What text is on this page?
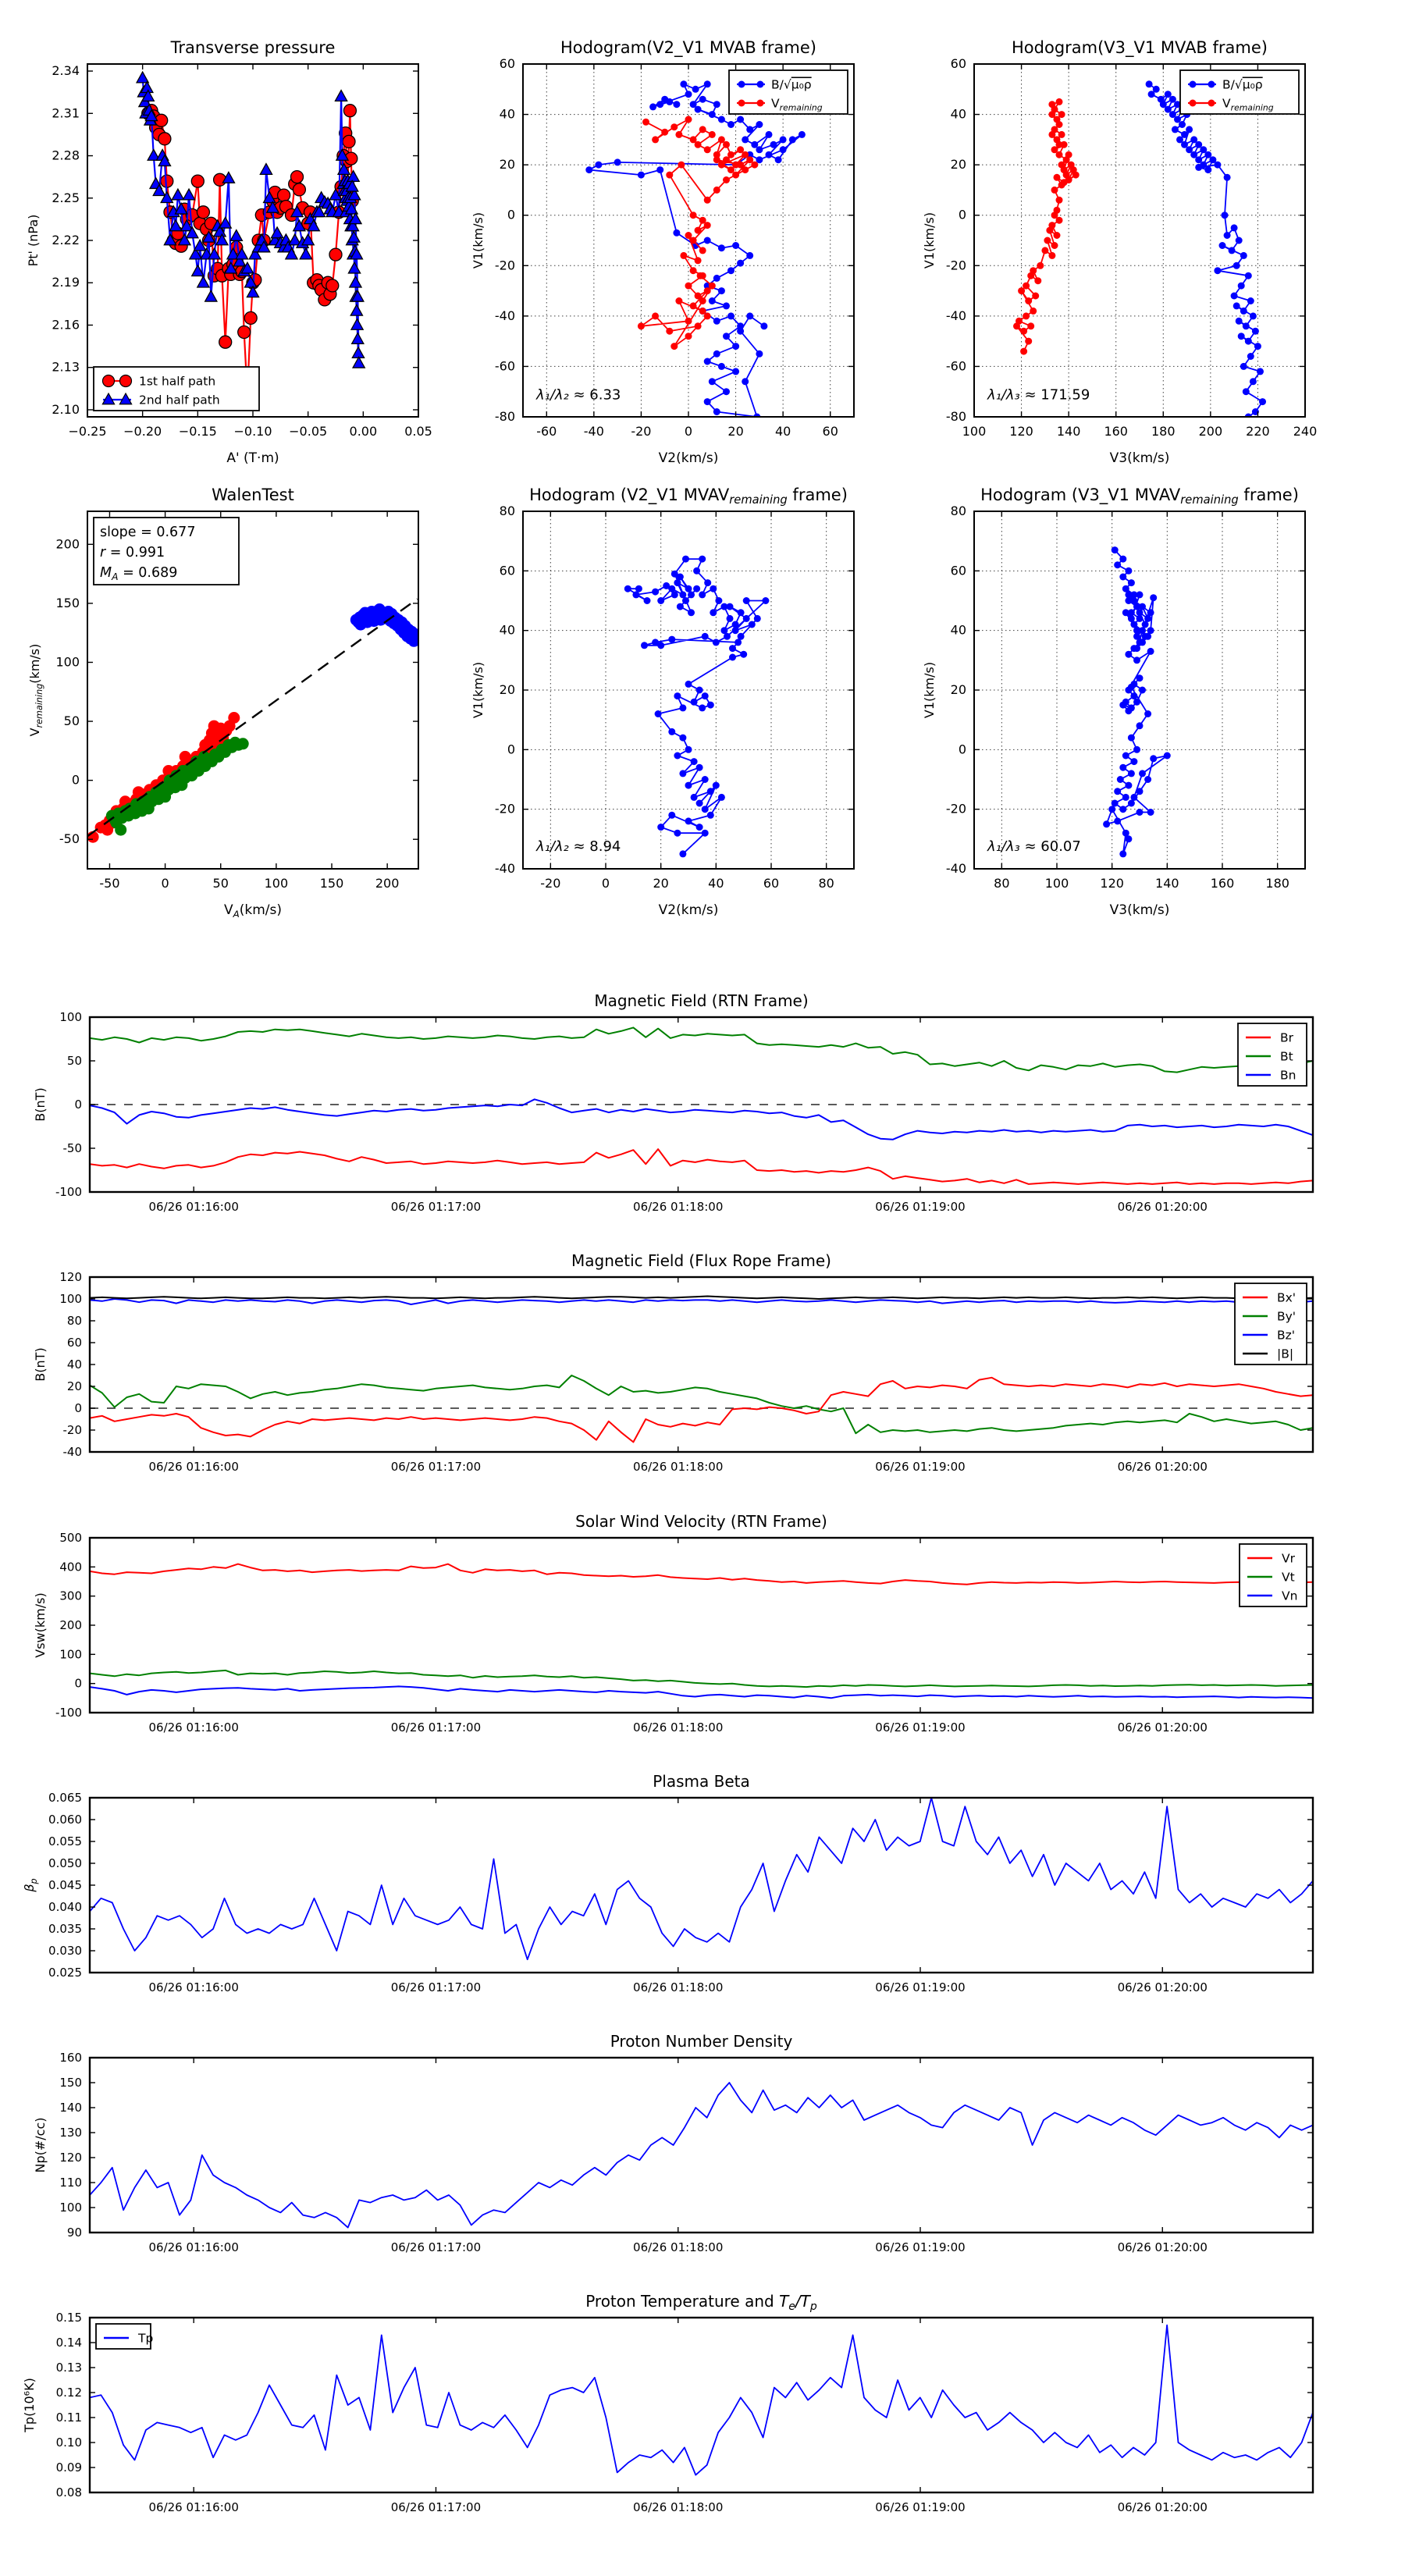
−0.25 −0.20 −0.15 −0.10 −0.05 0.00 0.05
2.10
2.13
2.16
2.19
2.22
2.25
2.28
2.31
2.34
Transverse pressure
A' (T·m)
Pt' (nPa)
1st half path
2nd half path
-60 -40 -20	0	20	40	60
-80
-60
-40
-20
0
20
40
60
Hodogram(V2_V1 MVAB frame)
V2(km/s)
V1(km/s)
λ₁/λ₂ ≈ 6.33
B/√μ₀ρ
$V_{remaining}$
100 120 140 160 180 200 220 240
-80
-60
-40
-20
0
20
40
60
Hodogram(V3_V1 MVAB frame)
V3(km/s)
V1(km/s)
λ₁/λ₃ ≈ 171.59
B/√μ₀ρ
$V_{remaining}$
-50	0	50	100	150	200
-50
0
50
100
150
200
WalenTest
$V_A(km/s)$
$V_{remaining}(km/s)$
slope = 0.677
r = 0.991
$M_A = 0.689$
-20	0	20	40	60	80
-40
-20
0
20
40
60
80
Hodogram (V2_V1 MVAVremaining frame)
V2(km/s)
V1(km/s)
λ₁/λ₂ ≈ 8.94
80	100	120	140	160	180
-40
-20
0
20
40
60
80
Hodogram (V3_V1 MVAVremaining frame)
V3(km/s)
V1(km/s)
λ₁/λ₃ ≈ 60.07
06/26 01:16:00	06/26 01:17:00	06/26 01:18:00	06/26 01:19:00	06/26 01:20:00
-100
-50
0
50
100
Magnetic Field (RTN Frame)
B(nT)
Br
Bt
Bn
06/26 01:16:00	06/26 01:17:00	06/26 01:18:00	06/26 01:19:00	06/26 01:20:00
-40
-20
0
20
40
60
80
100
120
Magnetic Field (Flux Rope Frame)
B(nT)
Bx'
By'
Bz'
|B|
06/26 01:16:00	06/26 01:17:00	06/26 01:18:00	06/26 01:19:00	06/26 01:20:00
-100
0
100
200
300
400
500
Solar Wind Velocity (RTN Frame)
Vsw(km/s)
Vr
Vt
Vn
06/26 01:16:00	06/26 01:17:00	06/26 01:18:00	06/26 01:19:00	06/26 01:20:00
0.025
0.030
0.035
0.040
0.045
0.050
0.055
0.060
0.065
Plasma Beta
$\beta_p$
06/26 01:16:00	06/26 01:17:00	06/26 01:18:00	06/26 01:19:00	06/26 01:20:00
90
100
110
120
130
140
150
160
Proton Number Density
Np(#/cc)
06/26 01:16:00	06/26 01:17:00	06/26 01:18:00	06/26 01:19:00	06/26 01:20:00
0.08
0.09
0.10
0.11
0.12
0.13
0.14
0.15
Proton Temperature and $T_e/T_p$
Tp(10⁶K)
Tp
